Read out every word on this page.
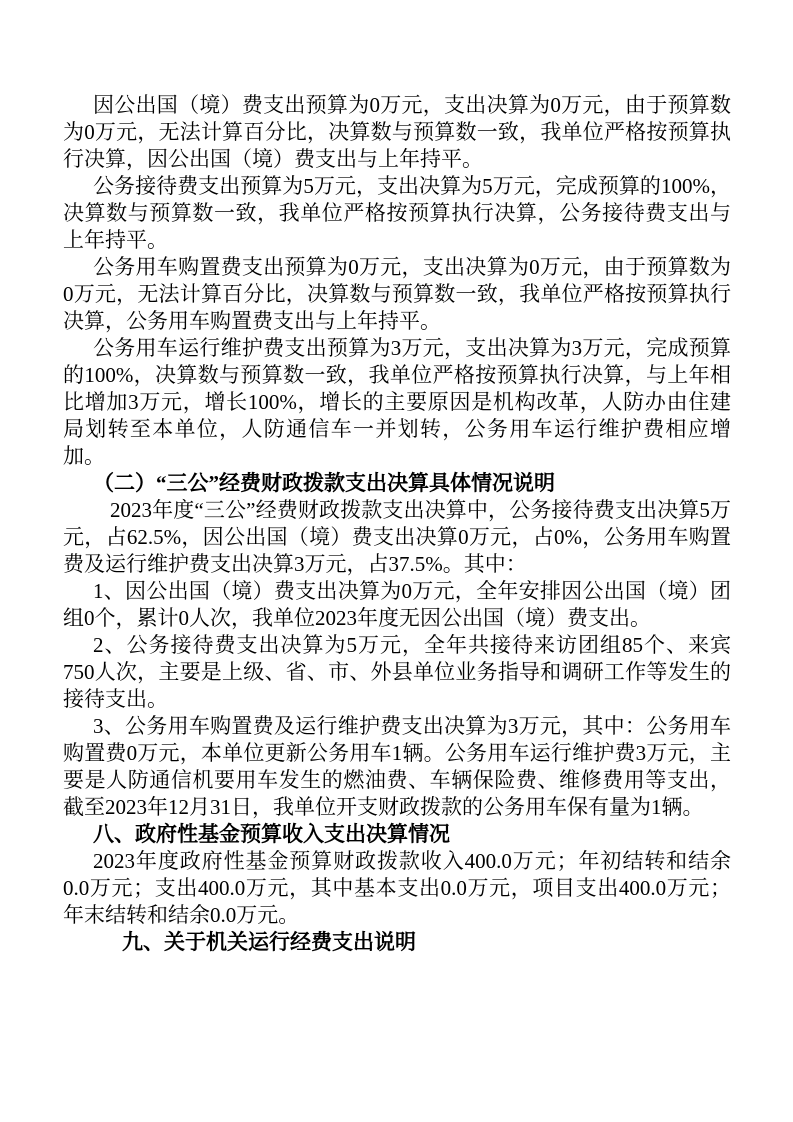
因公出国（境）费支出预算为0万元，支出决算为0万元，由于预算数为0万元，无法计算百分比，决算数与预算数一致，我单位严格按预算执行决算，因公出国（境）费支出与上年持平。

公务接待费支出预算为5万元，支出决算为5万元，完成预算的100%，决算数与预算数一致，我单位严格按预算执行决算，公务接待费支出与上年持平。

公务用车购置费支出预算为0万元，支出决算为0万元，由于预算数为0万元，无法计算百分比，决算数与预算数一致，我单位严格按预算执行决算，公务用车购置费支出与上年持平。

公务用车运行维护费支出预算为3万元，支出决算为3万元，完成预算的100%，决算数与预算数一致，我单位严格按预算执行决算，与上年相比增加3万元，增长100%，增长的主要原因是机构改革，人防办由住建局划转至本单位，人防通信车一并划转，公务用车运行维护费相应增加。

（二）“三公”经费财政拨款支出决算具体情况说明

2023年度“三公”经费财政拨款支出决算中，公务接待费支出决算5万元，占62.5%，因公出国（境）费支出决算0万元，占0%，公务用车购置费及运行维护费支出决算3万元，占37.5%。其中：

1、因公出国（境）费支出决算为0万元，全年安排因公出国（境）团组0个，累计0人次，我单位2023年度无因公出国（境）费支出。

2、公务接待费支出决算为5万元，全年共接待来访团组85个、来宾750人次，主要是上级、省、市、外县单位业务指导和调研工作等发生的接待支出。

3、公务用车购置费及运行维护费支出决算为3万元，其中：公务用车购置费0万元，本单位更新公务用车1辆。公务用车运行维护费3万元，主要是人防通信机要用车发生的燃油费、车辆保险费、维修费用等支出，截至2023年12月31日，我单位开支财政拨款的公务用车保有量为1辆。

八、政府性基金预算收入支出决算情况

2023年度政府性基金预算财政拨款收入400.0万元；年初结转和结余0.0万元；支出400.0万元，其中基本支出0.0万元，项目支出400.0万元；年末结转和结余0.0万元。

九、关于机关运行经费支出说明
